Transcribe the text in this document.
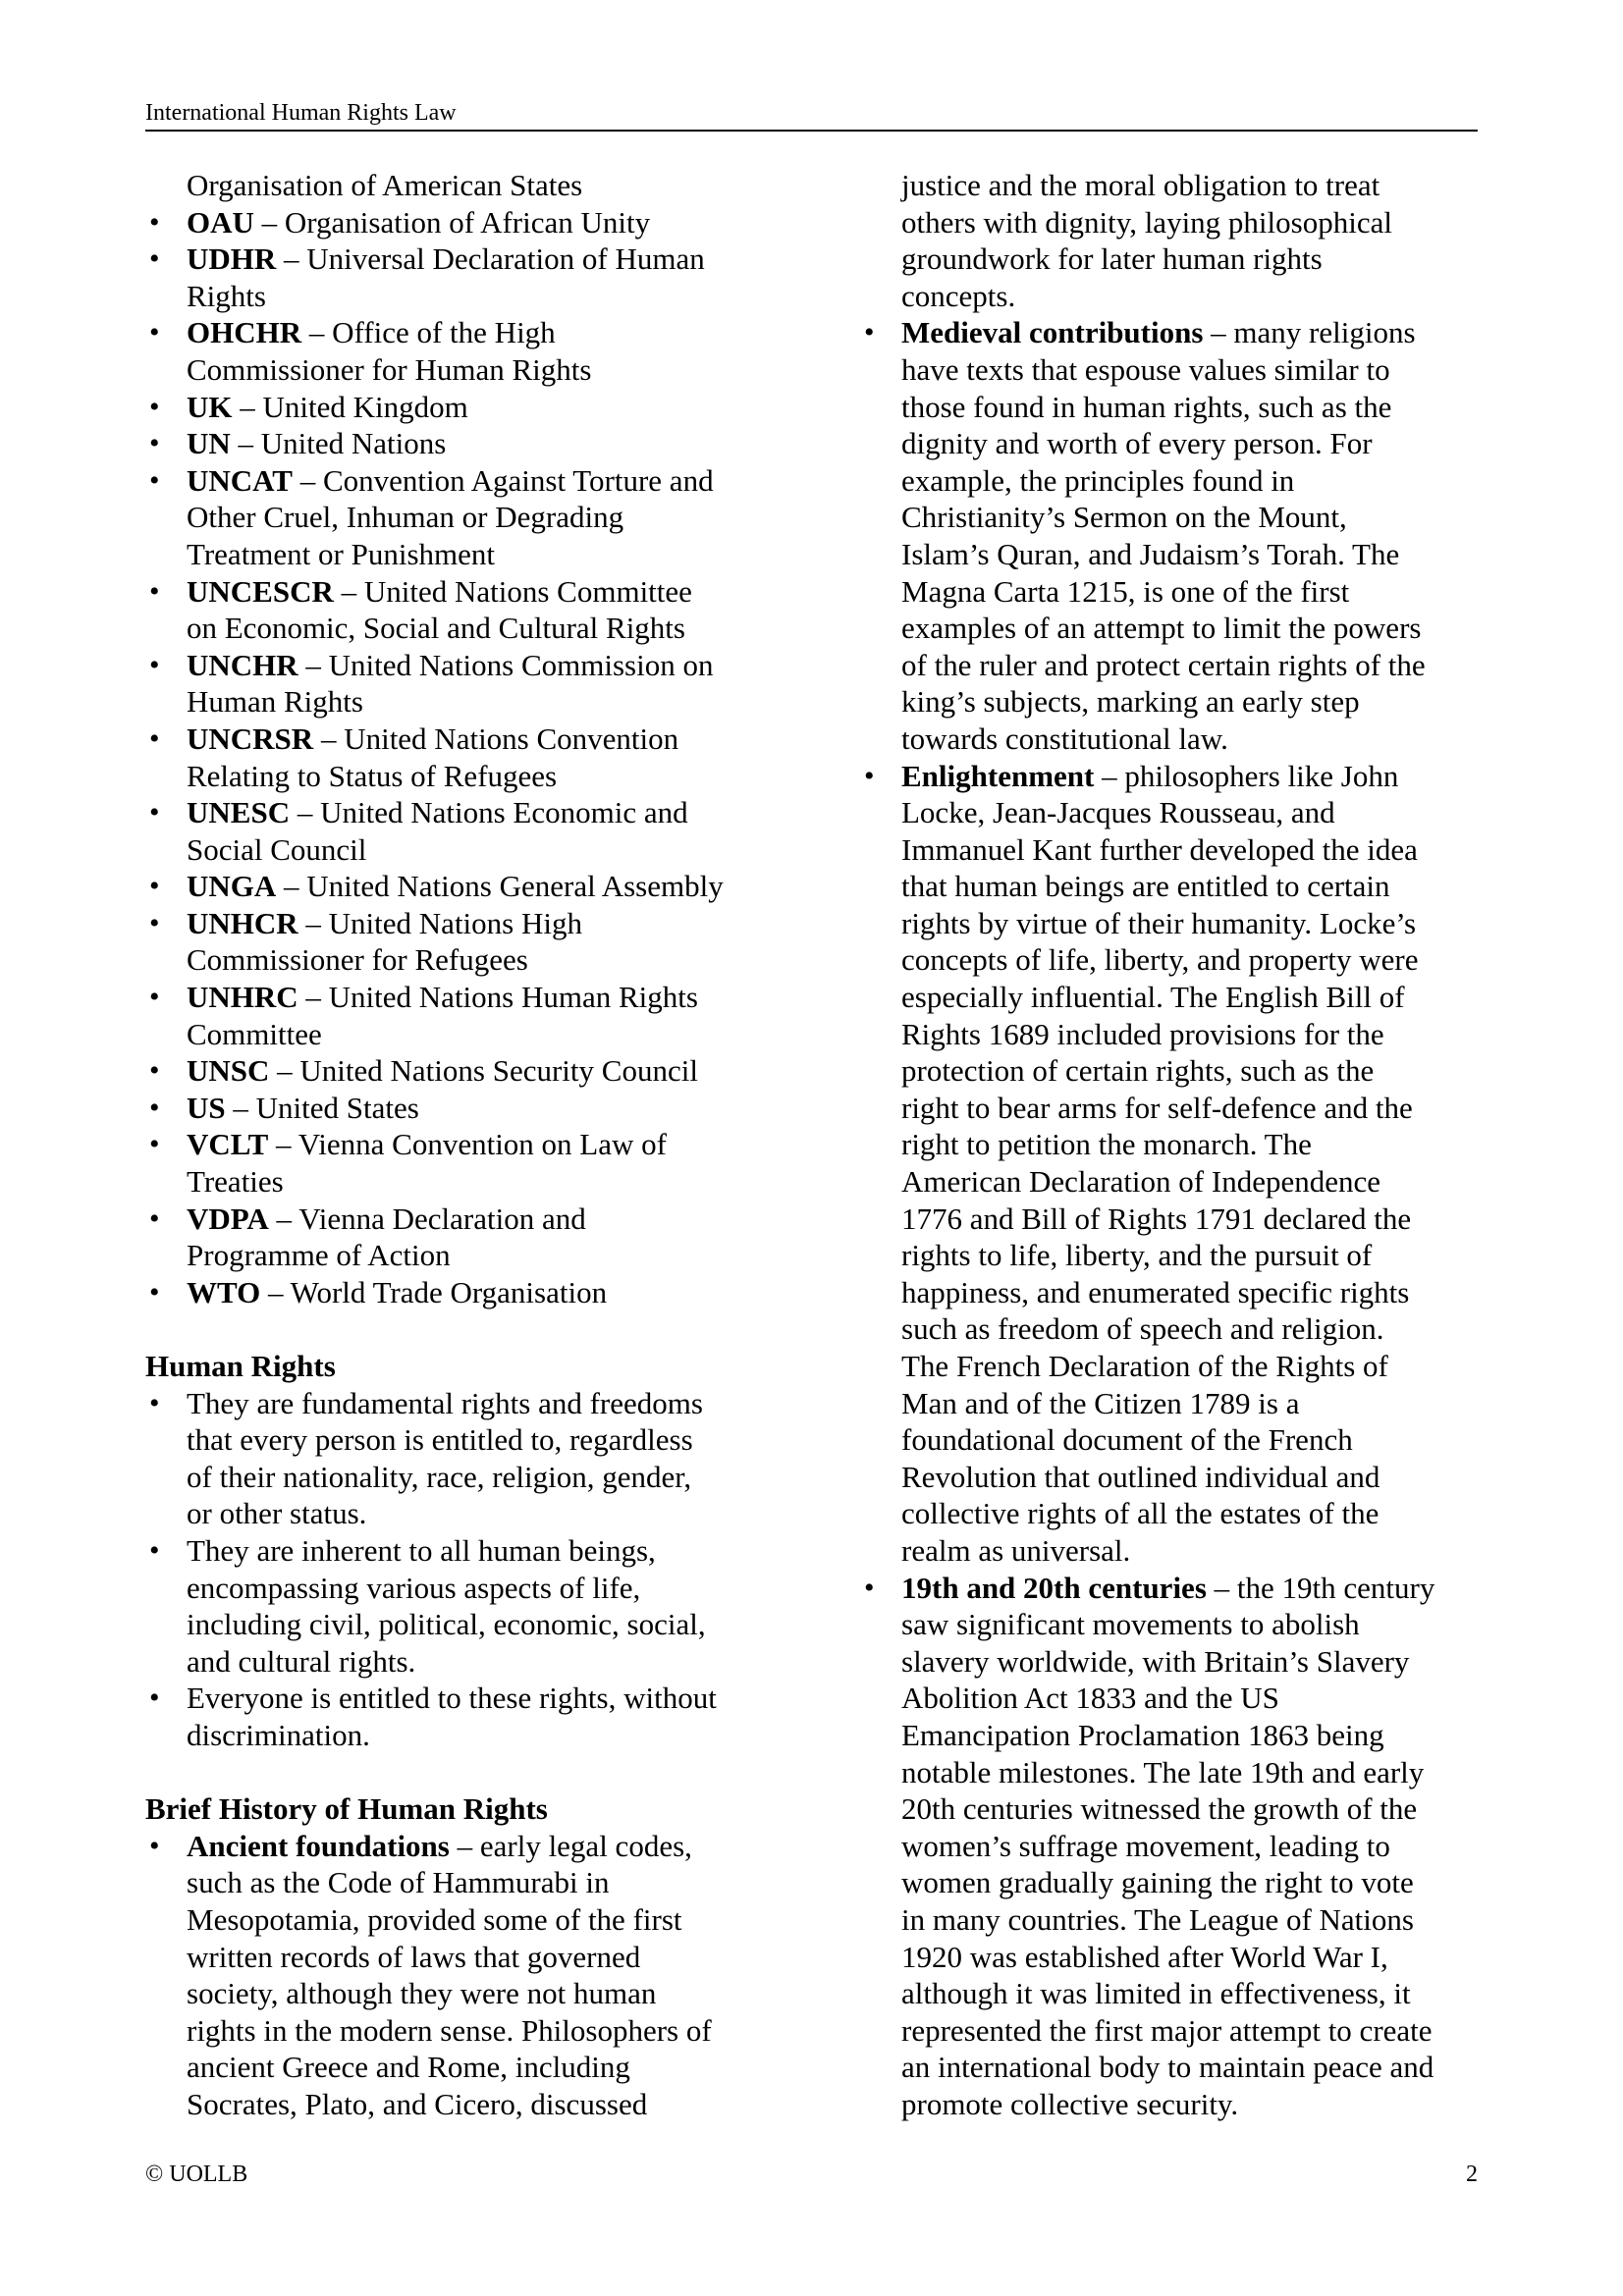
International Human Rights Law
Organisation of American States
• OAU – Organisation of African Unity
• UDHR – Universal Declaration of Human
Rights
• OHCHR – Office of the High
Commissioner for Human Rights
• UK – United Kingdom
• UN – United Nations
• UNCAT – Convention Against Torture and
Other Cruel, Inhuman or Degrading
Treatment or Punishment
• UNCESCR – United Nations Committee
on Economic, Social and Cultural Rights
• UNCHR – United Nations Commission on
Human Rights
• UNCRSR – United Nations Convention
Relating to Status of Refugees
• UNESC – United Nations Economic and
Social Council
• UNGA – United Nations General Assembly
• UNHCR – United Nations High
Commissioner for Refugees
• UNHRC – United Nations Human Rights
Committee
• UNSC – United Nations Security Council
• US – United States
• VCLT – Vienna Convention on Law of
Treaties
• VDPA – Vienna Declaration and
Programme of Action
• WTO – World Trade Organisation
Human Rights
• They are fundamental rights and freedoms
that every person is entitled to, regardless
of their nationality, race, religion, gender,
or other status.
• They are inherent to all human beings,
encompassing various aspects of life,
including civil, political, economic, social,
and cultural rights.
• Everyone is entitled to these rights, without
discrimination.
Brief History of Human Rights
• Ancient foundations – early legal codes,
such as the Code of Hammurabi in
Mesopotamia, provided some of the first
written records of laws that governed
society, although they were not human
rights in the modern sense. Philosophers of
ancient Greece and Rome, including
Socrates, Plato, and Cicero, discussed
justice and the moral obligation to treat
others with dignity, laying philosophical
groundwork for later human rights
concepts.
• Medieval contributions – many religions
have texts that espouse values similar to
those found in human rights, such as the
dignity and worth of every person. For
example, the principles found in
Christianity’s Sermon on the Mount,
Islam’s Quran, and Judaism’s Torah. The
Magna Carta 1215, is one of the first
examples of an attempt to limit the powers
of the ruler and protect certain rights of the
king’s subjects, marking an early step
towards constitutional law.
• Enlightenment – philosophers like John
Locke, Jean-Jacques Rousseau, and
Immanuel Kant further developed the idea
that human beings are entitled to certain
rights by virtue of their humanity. Locke’s
concepts of life, liberty, and property were
especially influential. The English Bill of
Rights 1689 included provisions for the
protection of certain rights, such as the
right to bear arms for self-defence and the
right to petition the monarch. The
American Declaration of Independence
1776 and Bill of Rights 1791 declared the
rights to life, liberty, and the pursuit of
happiness, and enumerated specific rights
such as freedom of speech and religion.
The French Declaration of the Rights of
Man and of the Citizen 1789 is a
foundational document of the French
Revolution that outlined individual and
collective rights of all the estates of the
realm as universal.
• 19th and 20th centuries – the 19th century
saw significant movements to abolish
slavery worldwide, with Britain’s Slavery
Abolition Act 1833 and the US
Emancipation Proclamation 1863 being
notable milestones. The late 19th and early
20th centuries witnessed the growth of the
women’s suffrage movement, leading to
women gradually gaining the right to vote
in many countries. The League of Nations
1920 was established after World War I,
although it was limited in effectiveness, it
represented the first major attempt to create
an international body to maintain peace and
promote collective security.
© UOLLB	2
